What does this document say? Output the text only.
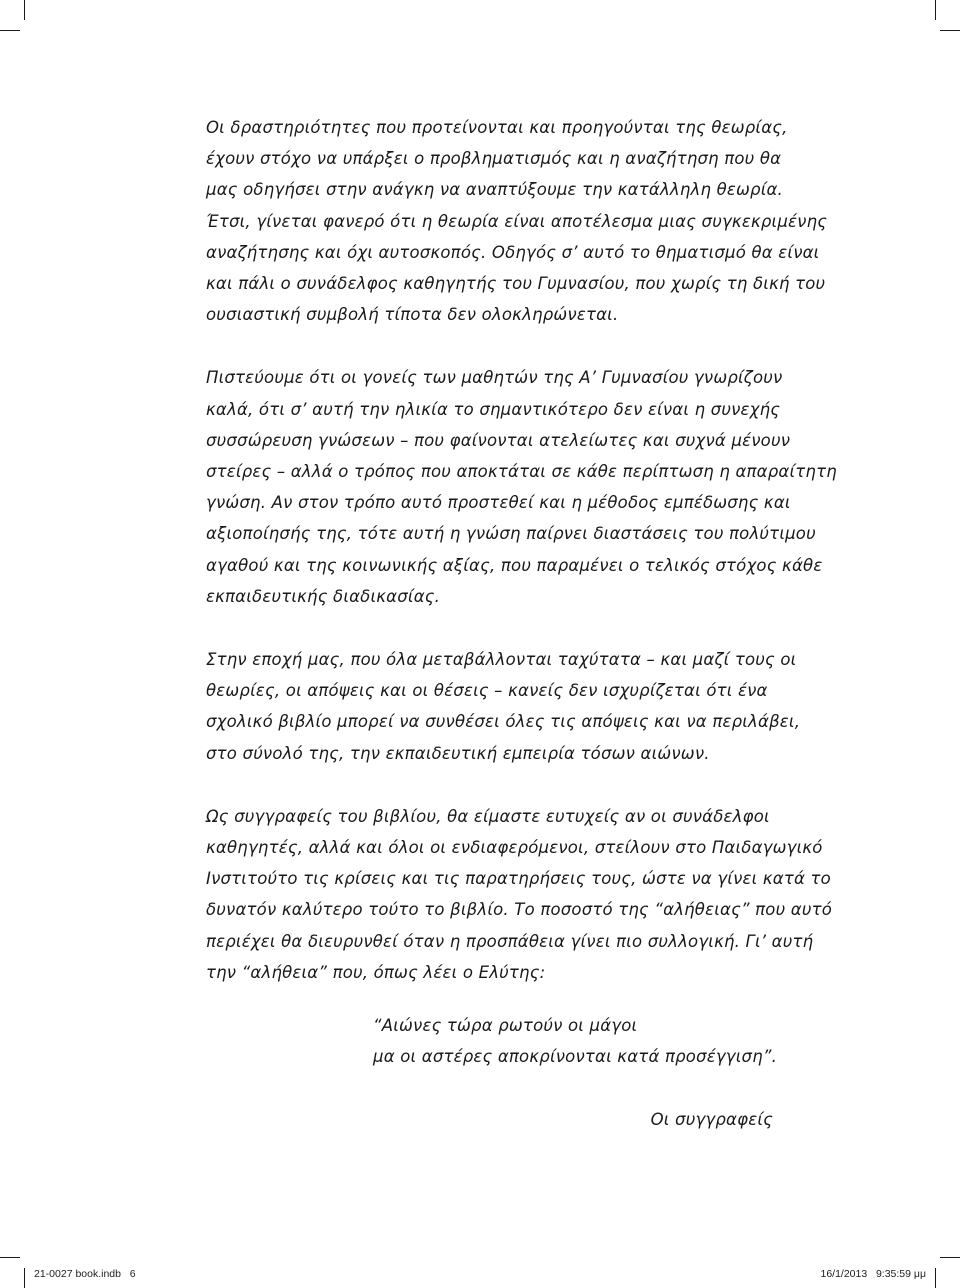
Οι δραστηριότητες που προτείνονται και προηγούνται της θεωρίας,
έχουν στόχο να υπάρξει ο προβληματισμός και η αναζήτηση που θα
μας οδηγήσει στην ανάγκη να αναπτύξουμε την κατάλληλη θεωρία.
Έτσι, γίνεται φανερό ότι η θεωρία είναι αποτέλεσμα μιας συγκεκριμένης
αναζήτησης και όχι αυτοσκοπός. Οδηγός σ’ αυτό το θηματισμό θα είναι
και πάλι ο συνάδελφος καθηγητής του Γυμνασίου, που χωρίς τη δική του
ουσιαστική συμβολή τίποτα δεν ολοκληρώνεται.

Πιστεύουμε ότι οι γονείς των μαθητών της Α’ Γυμνασίου γνωρίζουν
καλά, ότι σ’ αυτή την ηλικία το σημαντικότερο δεν είναι η συνεχής
συσσώρευση γνώσεων – που φαίνονται ατελείωτες και συχνά μένουν
στείρες – αλλά ο τρόπος που αποκτάται σε κάθε περίπτωση η απαραίτητη
γνώση. Αν στον τρόπο αυτό προστεθεί και η μέθοδος εμπέδωσης και
αξιοποίησής της, τότε αυτή η γνώση παίρνει διαστάσεις του πολύτιμου
αγαθού και της κοινωνικής αξίας, που παραμένει ο τελικός στόχος κάθε
εκπαιδευτικής διαδικασίας.

Στην εποχή μας, που όλα μεταβάλλονται ταχύτατα – και μαζί τους οι
θεωρίες, οι απόψεις και οι θέσεις – κανείς δεν ισχυρίζεται ότι ένα
σχολικό βιβλίο μπορεί να συνθέσει όλες τις απόψεις και να περιλάβει,
στο σύνολό της, την εκπαιδευτική εμπειρία τόσων αιώνων.

Ως συγγραφείς του βιβλίου, θα είμαστε ευτυχείς αν οι συνάδελφοι
καθηγητές, αλλά και όλοι οι ενδιαφερόμενοι, στείλουν στο Παιδαγωγικό
Ινστιτούτο τις κρίσεις και τις παρατηρήσεις τους, ώστε να γίνει κατά το
δυνατόν καλύτερο τούτο το βιβλίο. Το ποσοστό της “αλήθειας” που αυτό
περιέχει θα διευρυνθεί όταν η προσπάθεια γίνει πιο συλλογική. Γι’ αυτή
την “αλήθεια” που, όπως λέει ο Ελύτης:

“Αιώνες τώρα ρωτούν οι μάγοι
μα οι αστέρες αποκρίνονται κατά προσέγγιση”.
Οι συγγραφείς
21-0027 book.indb   6	16/1/2013   9:35:59 μμ
